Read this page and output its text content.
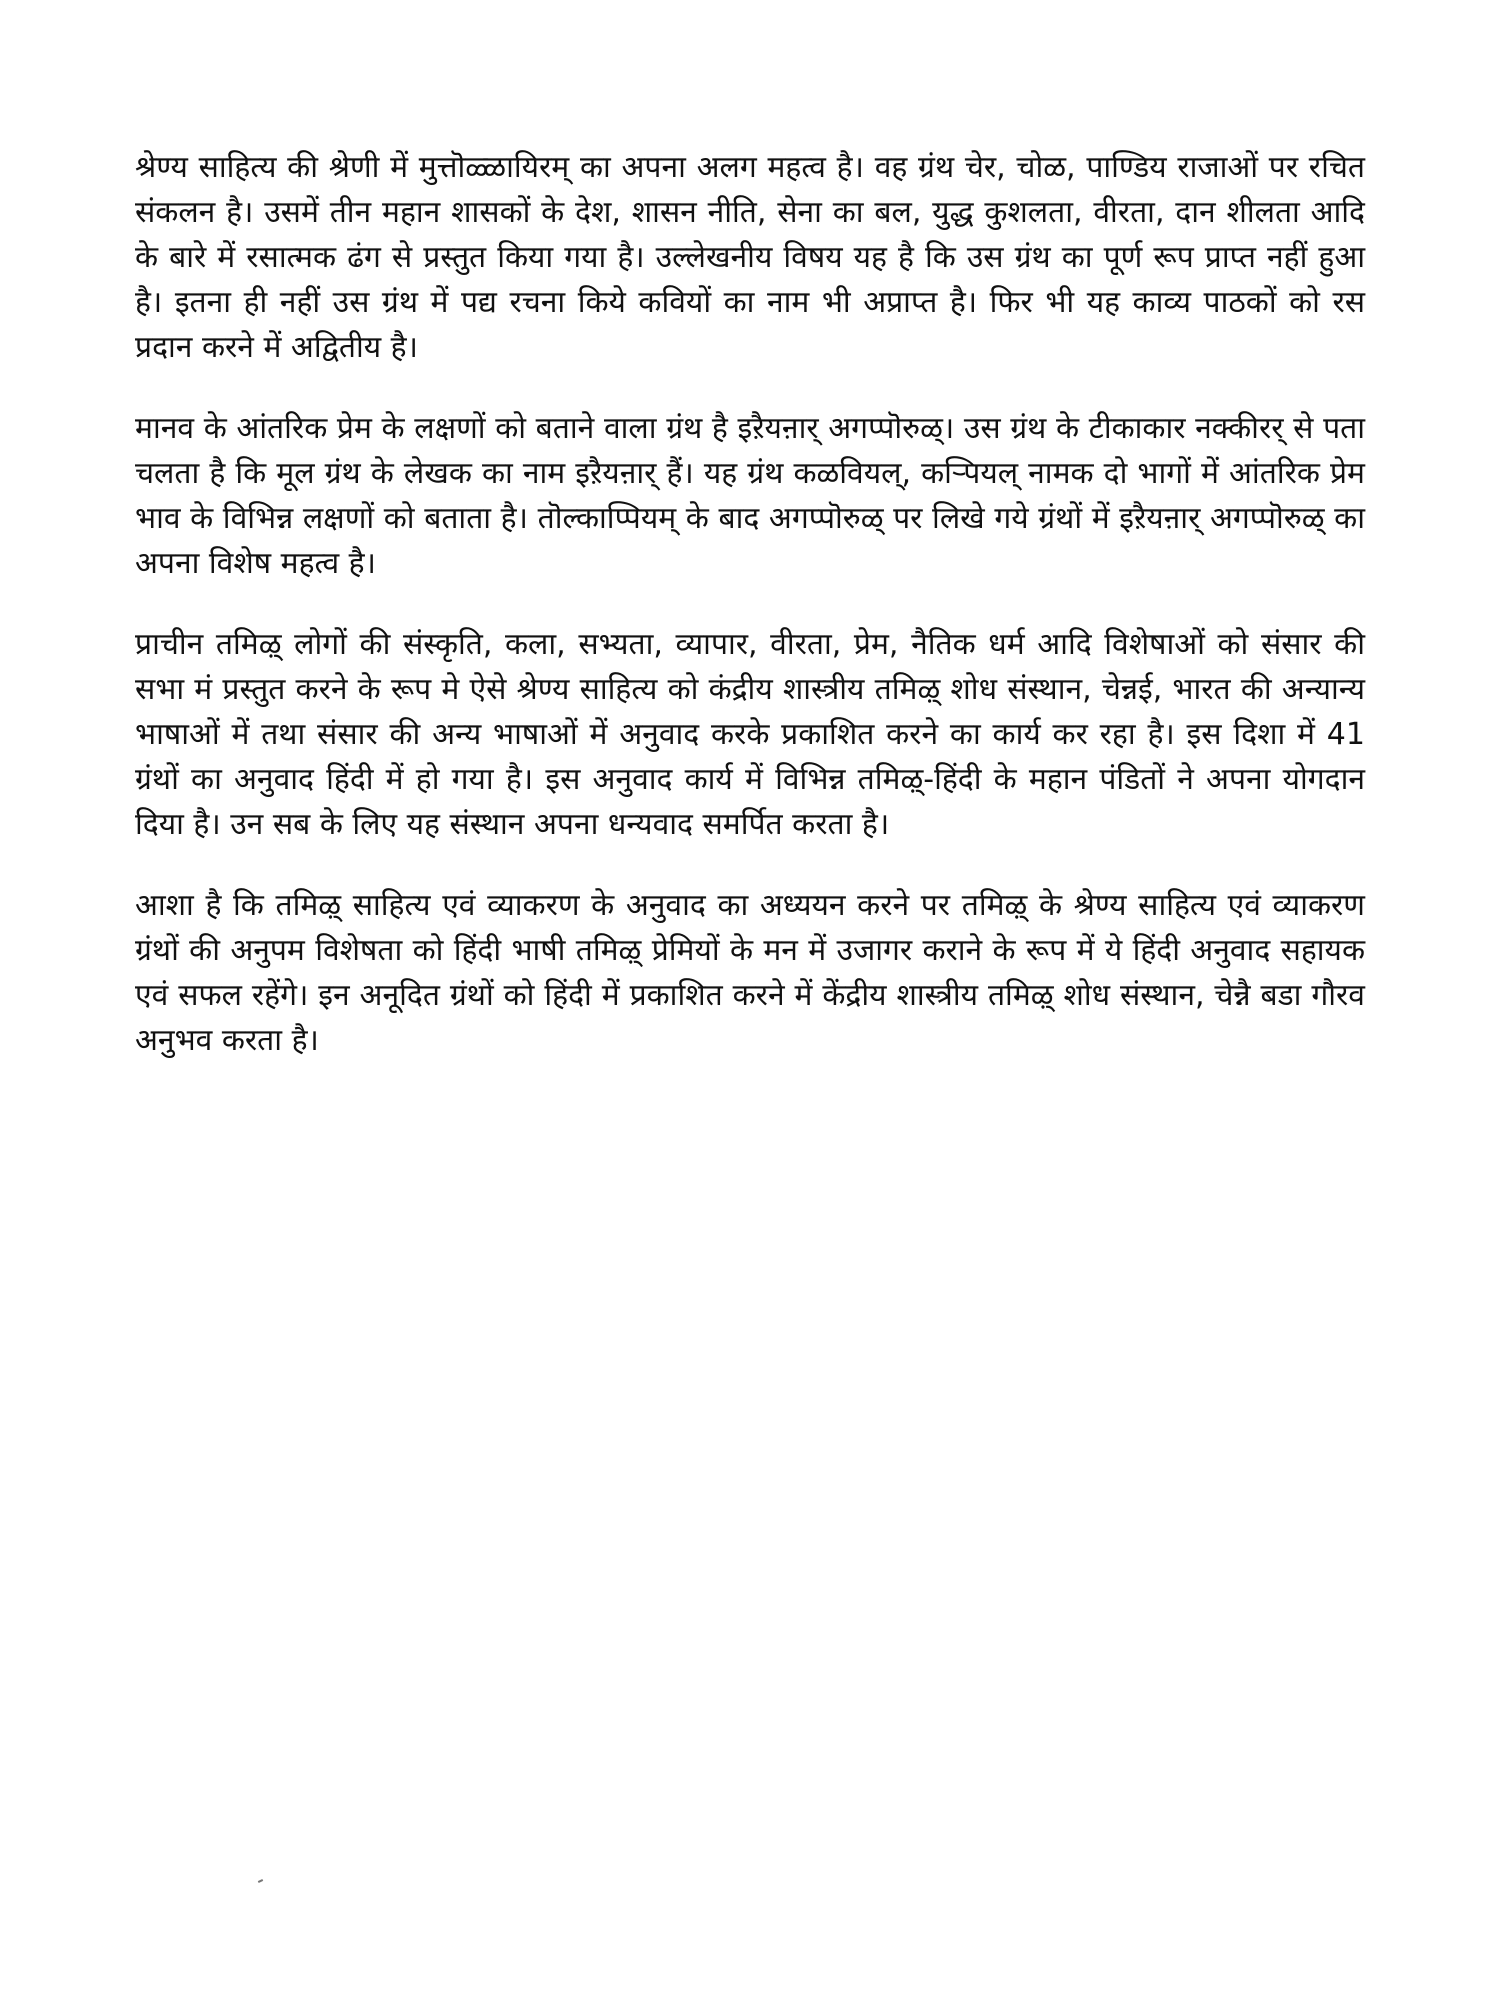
श्रेण्य साहित्य की श्रेणी में मुत्तॊळ्ळायिरम् का अपना अलग महत्व है। वह ग्रंथ चेर, चोळ, पाण्डिय राजाओं पर रचित संकलन है। उसमें तीन महान शासकों के देश, शासन नीति, सेना का बल, युद्ध कुशलता, वीरता, दान शीलता आदि के बारे में रसात्मक ढंग से प्रस्तुत किया गया है। उल्लेखनीय विषय यह है कि उस ग्रंथ का पूर्ण रूप प्राप्त नहीं हुआ है। इतना ही नहीं उस ग्रंथ में पद्य रचना किये कवियों का नाम भी अप्राप्त है। फिर भी यह काव्य पाठकों को रस प्रदान करने में अद्वितीय है।

मानव के आंतरिक प्रेम के लक्षणों को बताने वाला ग्रंथ है इऱैयऩार् अगप्पॊरुळ्। उस ग्रंथ के टीकाकार नक्कीरर् से पता चलता है कि मूल ग्रंथ के लेखक का नाम इऱैयऩार् हैं। यह ग्रंथ कळवियल्, कऱ्पियल् नामक दो भागों में आंतरिक प्रेम भाव के विभिन्न लक्षणों को बताता है। तॊल्काप्पियम् के बाद अगप्पॊरुळ् पर लिखे गये ग्रंथों में इऱैयऩार् अगप्पॊरुळ् का अपना विशेष महत्व है।

प्राचीन तमिऴ् लोगों की संस्कृति, कला, सभ्यता, व्यापार, वीरता, प्रेम, नैतिक धर्म आदि विशेषाओं को संसार की सभा मं प्रस्तुत करने के रूप मे ऐसे श्रेण्य साहित्य को कंद्रीय शास्त्रीय तमिऴ् शोध संस्थान, चेन्नई, भारत की अन्यान्य भाषाओं में तथा संसार की अन्य भाषाओं में अनुवाद करके प्रकाशित करने का कार्य कर रहा है। इस दिशा में 41 ग्रंथों का अनुवाद हिंदी में हो गया है। इस अनुवाद कार्य में विभिन्न तमिऴ्-हिंदी के महान पंडितों ने अपना योगदान दिया है। उन सब के लिए यह संस्थान अपना धन्यवाद समर्पित करता है।

आशा है कि तमिऴ् साहित्य एवं व्याकरण के अनुवाद का अध्ययन करने पर तमिऴ् के श्रेण्य साहित्य एवं व्याकरण ग्रंथों की अनुपम विशेषता को हिंदी भाषी तमिऴ् प्रेमियों के मन में उजागर कराने के रूप में ये हिंदी अनुवाद सहायक एवं सफल रहेंगे। इन अनूदित ग्रंथों को हिंदी में प्रकाशित करने में केंद्रीय शास्त्रीय तमिऴ् शोध संस्थान, चेन्नै बडा गौरव अनुभव करता है।
